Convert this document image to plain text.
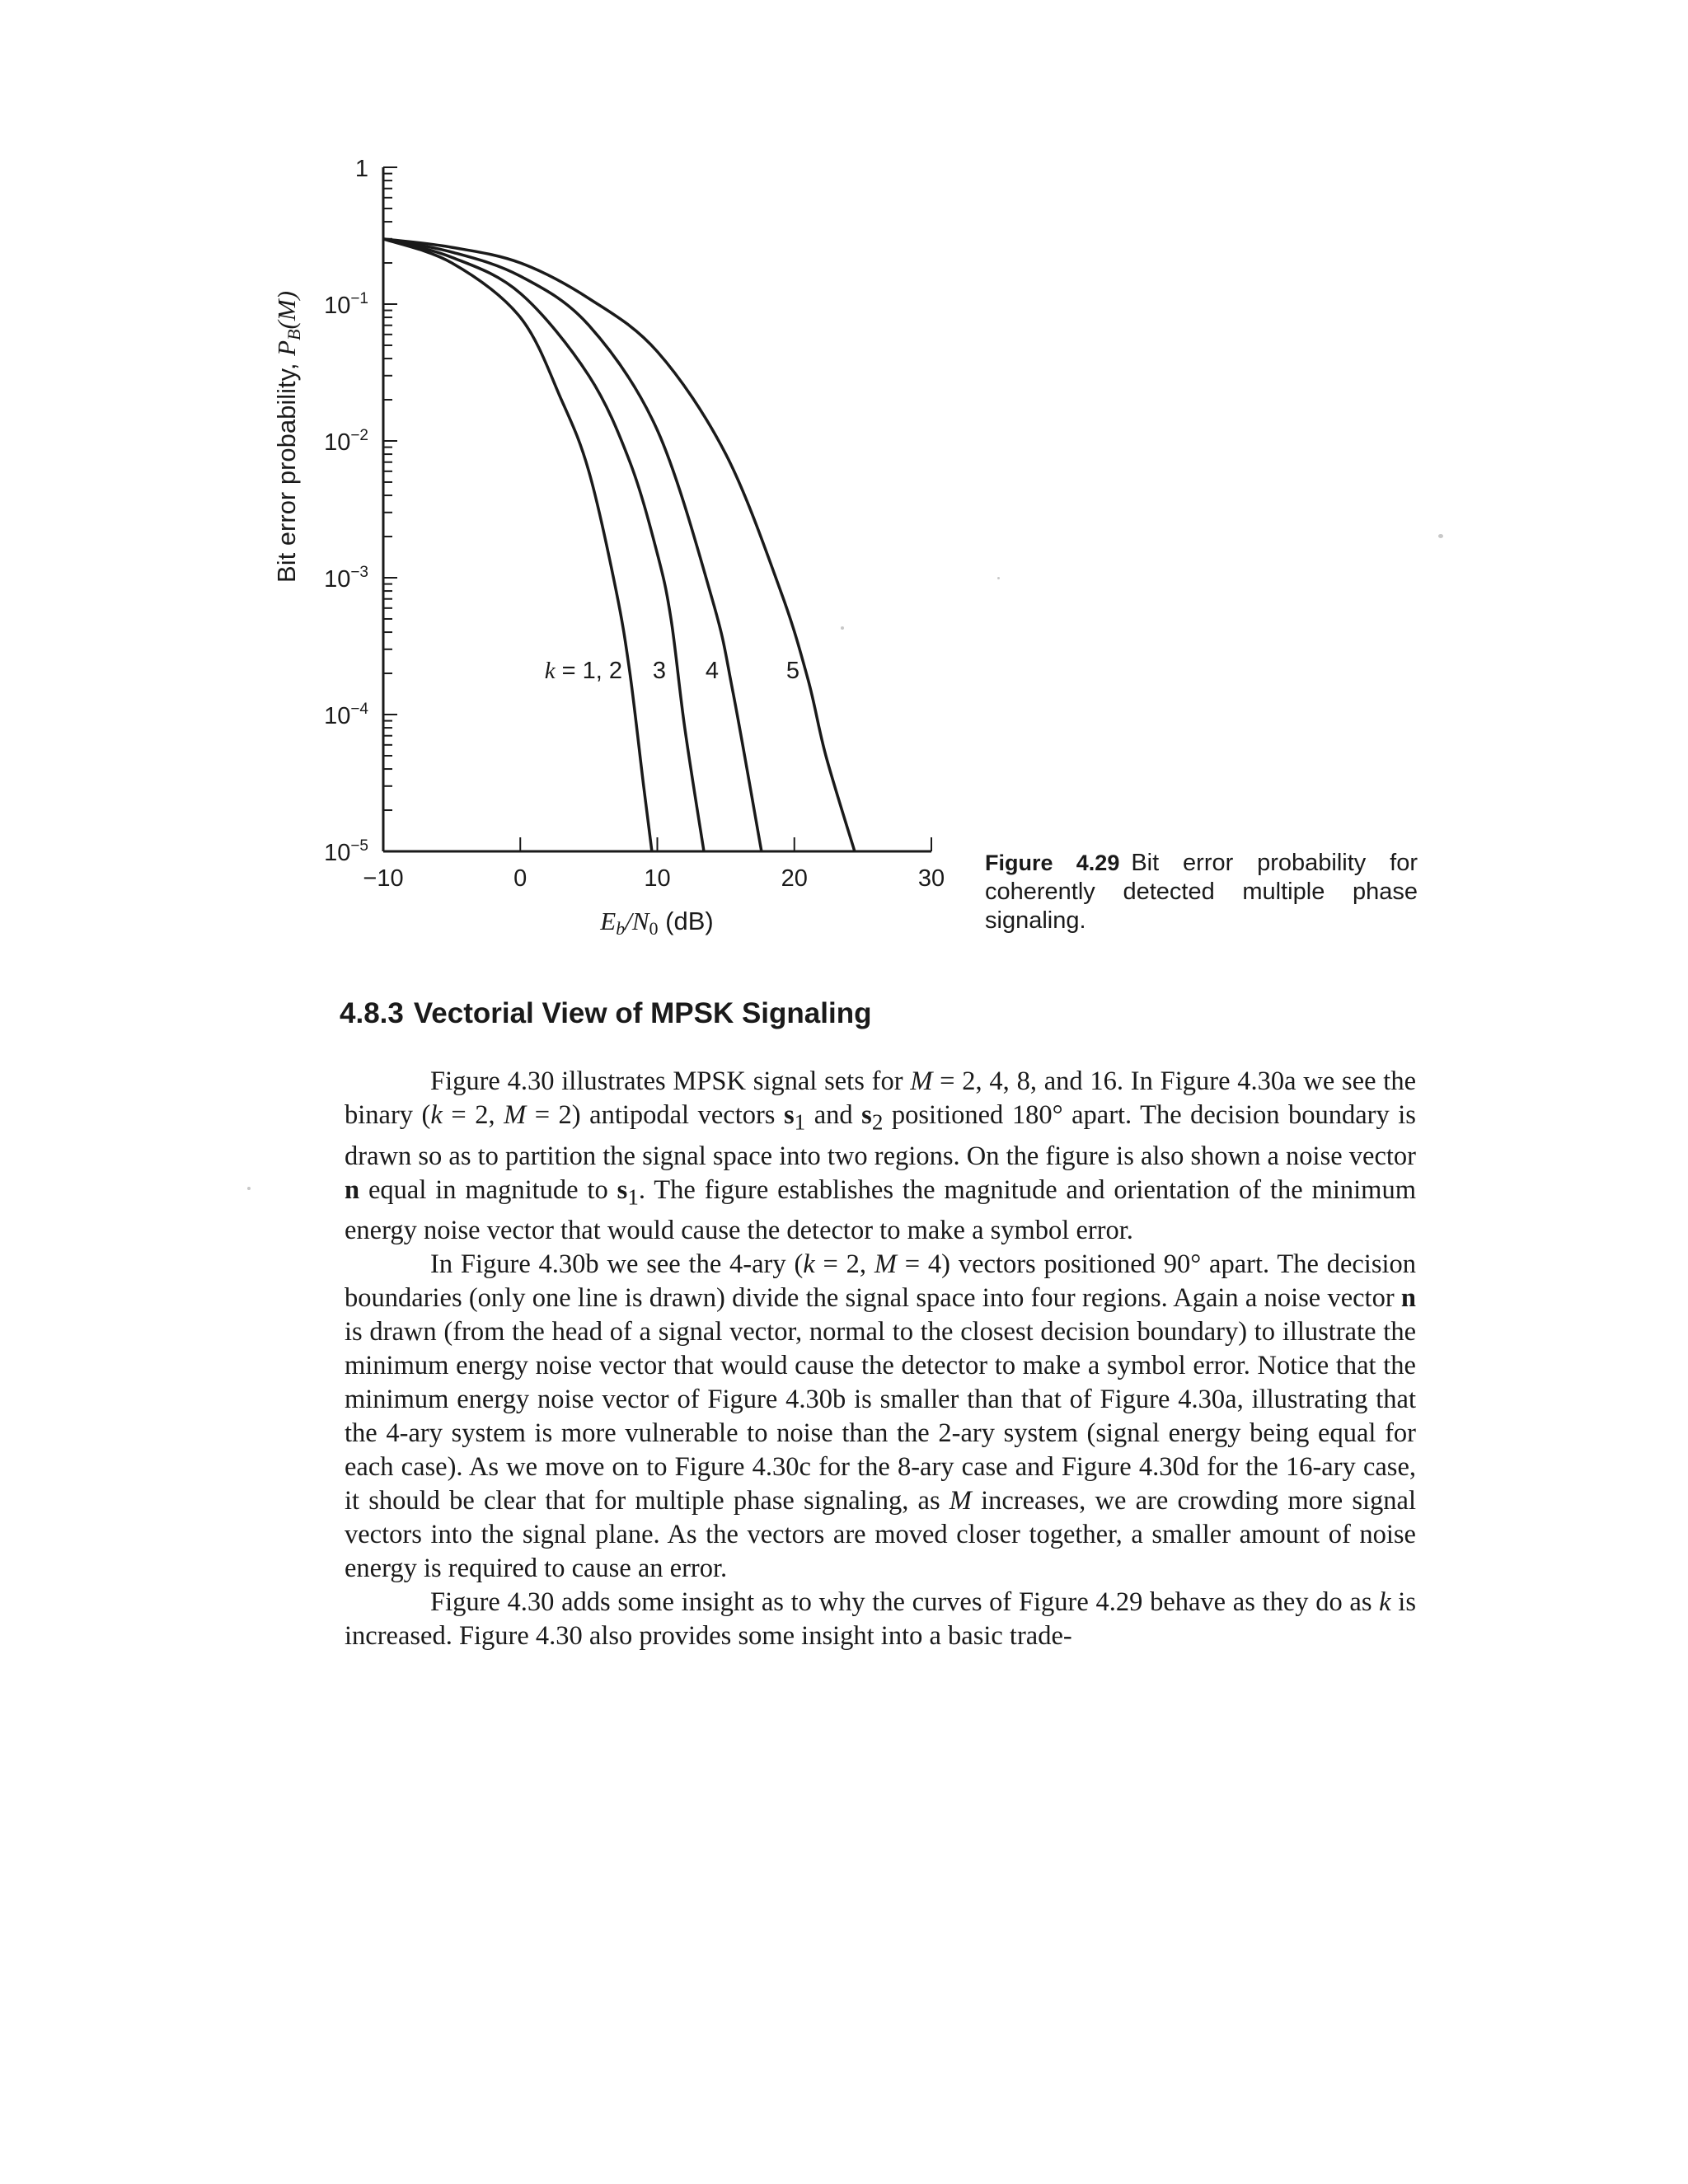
1
$10^{-1}$
$10^{-2}$
$10^{-3}$
$10^{-4}$
$10^{-5}$
−10	0	10	20	30
k = 1, 2 3 4	5
Bit error probability, PB(M)
Eb/N0 (dB)
Figure 4.29 Bit error probability for coherently detected multiple phase signaling.
4.8.3 Vectorial View of MPSK Signaling

Figure 4.30 illustrates MPSK signal sets for M = 2, 4, 8, and 16. In Figure 4.30a we see the binary (k = 2, M = 2) antipodal vectors $s_1$ and $s_2$ positioned 180° apart. The decision boundary is drawn so as to partition the signal space into two regions. On the figure is also shown a noise vector n equal in magnitude to $s_1$. The figure establishes the magnitude and orientation of the minimum energy noise vector that would cause the detector to make a symbol error.

In Figure 4.30b we see the 4-ary (k = 2, M = 4) vectors positioned 90° apart. The decision boundaries (only one line is drawn) divide the signal space into four regions. Again a noise vector n is drawn (from the head of a signal vector, normal to the closest decision boundary) to illustrate the minimum energy noise vector that would cause the detector to make a symbol error. Notice that the minimum energy noise vector of Figure 4.30b is smaller than that of Figure 4.30a, illustrating that the 4-ary system is more vulnerable to noise than the 2-ary system (signal energy being equal for each case). As we move on to Figure 4.30c for the 8-ary case and Figure 4.30d for the 16-ary case, it should be clear that for multiple phase signaling, as M increases, we are crowding more signal vectors into the signal plane. As the vectors are moved closer together, a smaller amount of noise energy is required to cause an error.

Figure 4.30 adds some insight as to why the curves of Figure 4.29 behave as they do as k is increased. Figure 4.30 also provides some insight into a basic trade-
